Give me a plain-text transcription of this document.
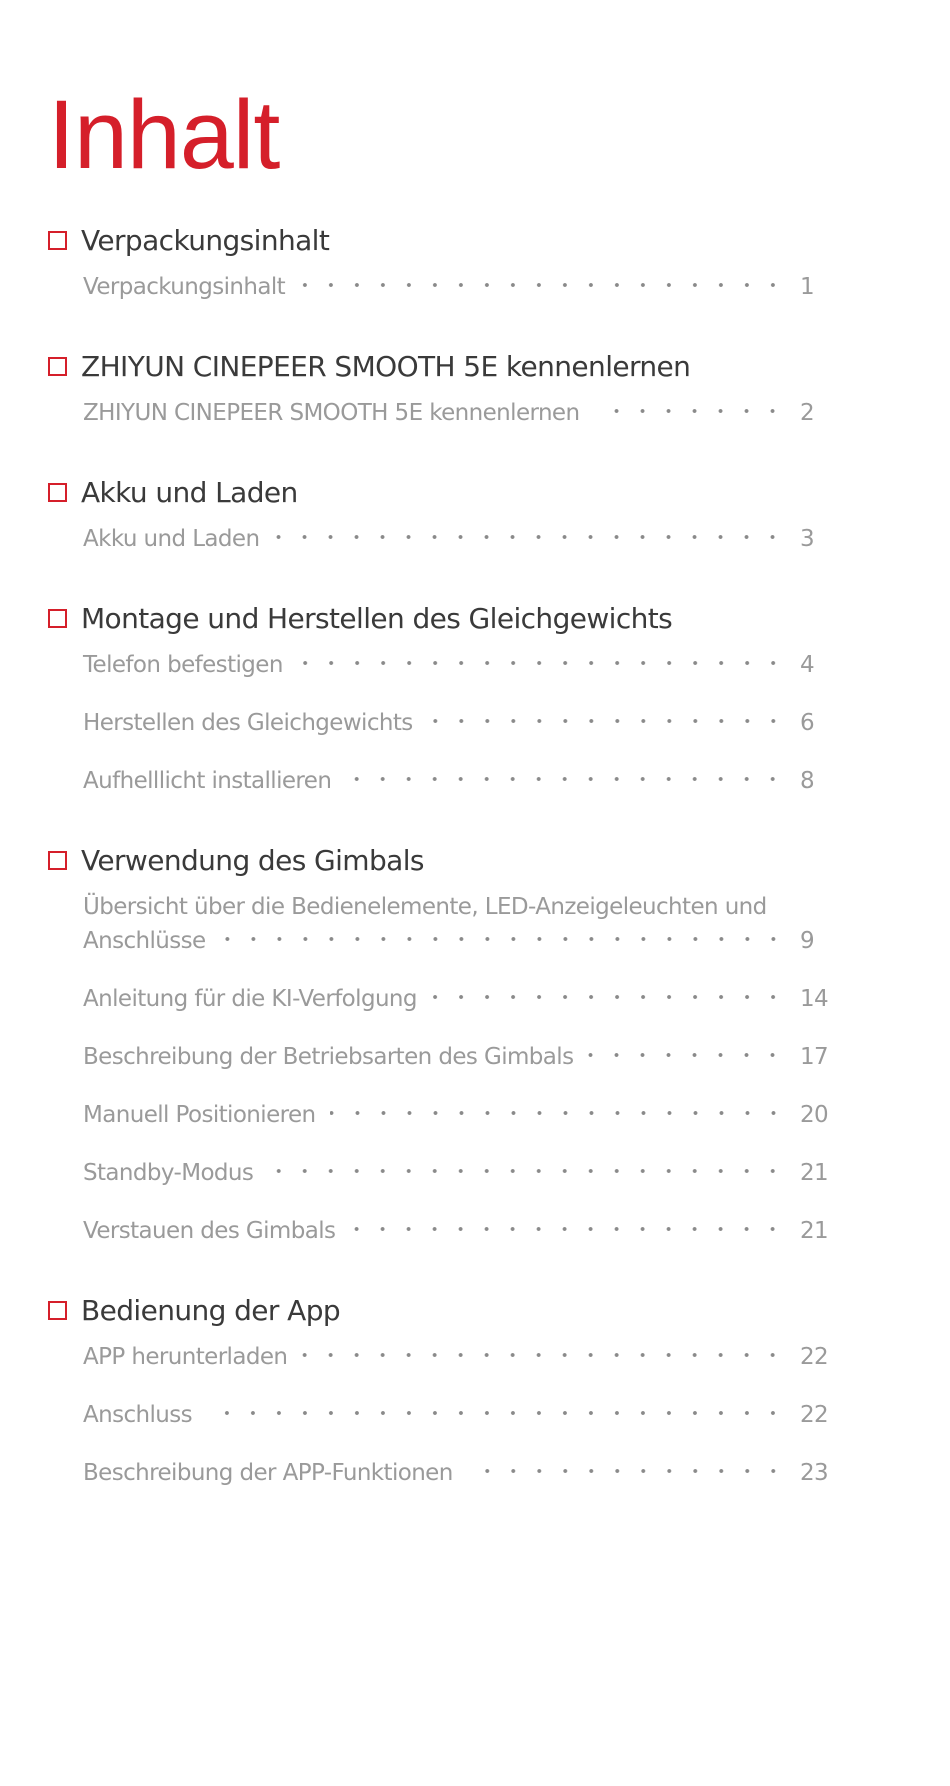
Inhalt
Verpackungsinhalt
Verpackungsinhalt	1
ZHIYUN CINEPEER SMOOTH 5E kennenlernen
ZHIYUN CINEPEER SMOOTH 5E kennenlernen	2
Akku und Laden
Akku und Laden	3
Montage und Herstellen des Gleichgewichts
Telefon befestigen	4
Herstellen des Gleichgewichts	6
Aufhelllicht installieren	8
Verwendung des Gimbals
Übersicht über die Bedienelemente, LED-Anzeigeleuchten und
Anschlüsse	9
Anleitung für die KI-Verfolgung	14
Beschreibung der Betriebsarten des Gimbals	17
Manuell Positionieren	20
Standby-Modus	21
Verstauen des Gimbals	21
Bedienung der App
APP herunterladen	22
Anschluss	22
Beschreibung der APP-Funktionen	23
